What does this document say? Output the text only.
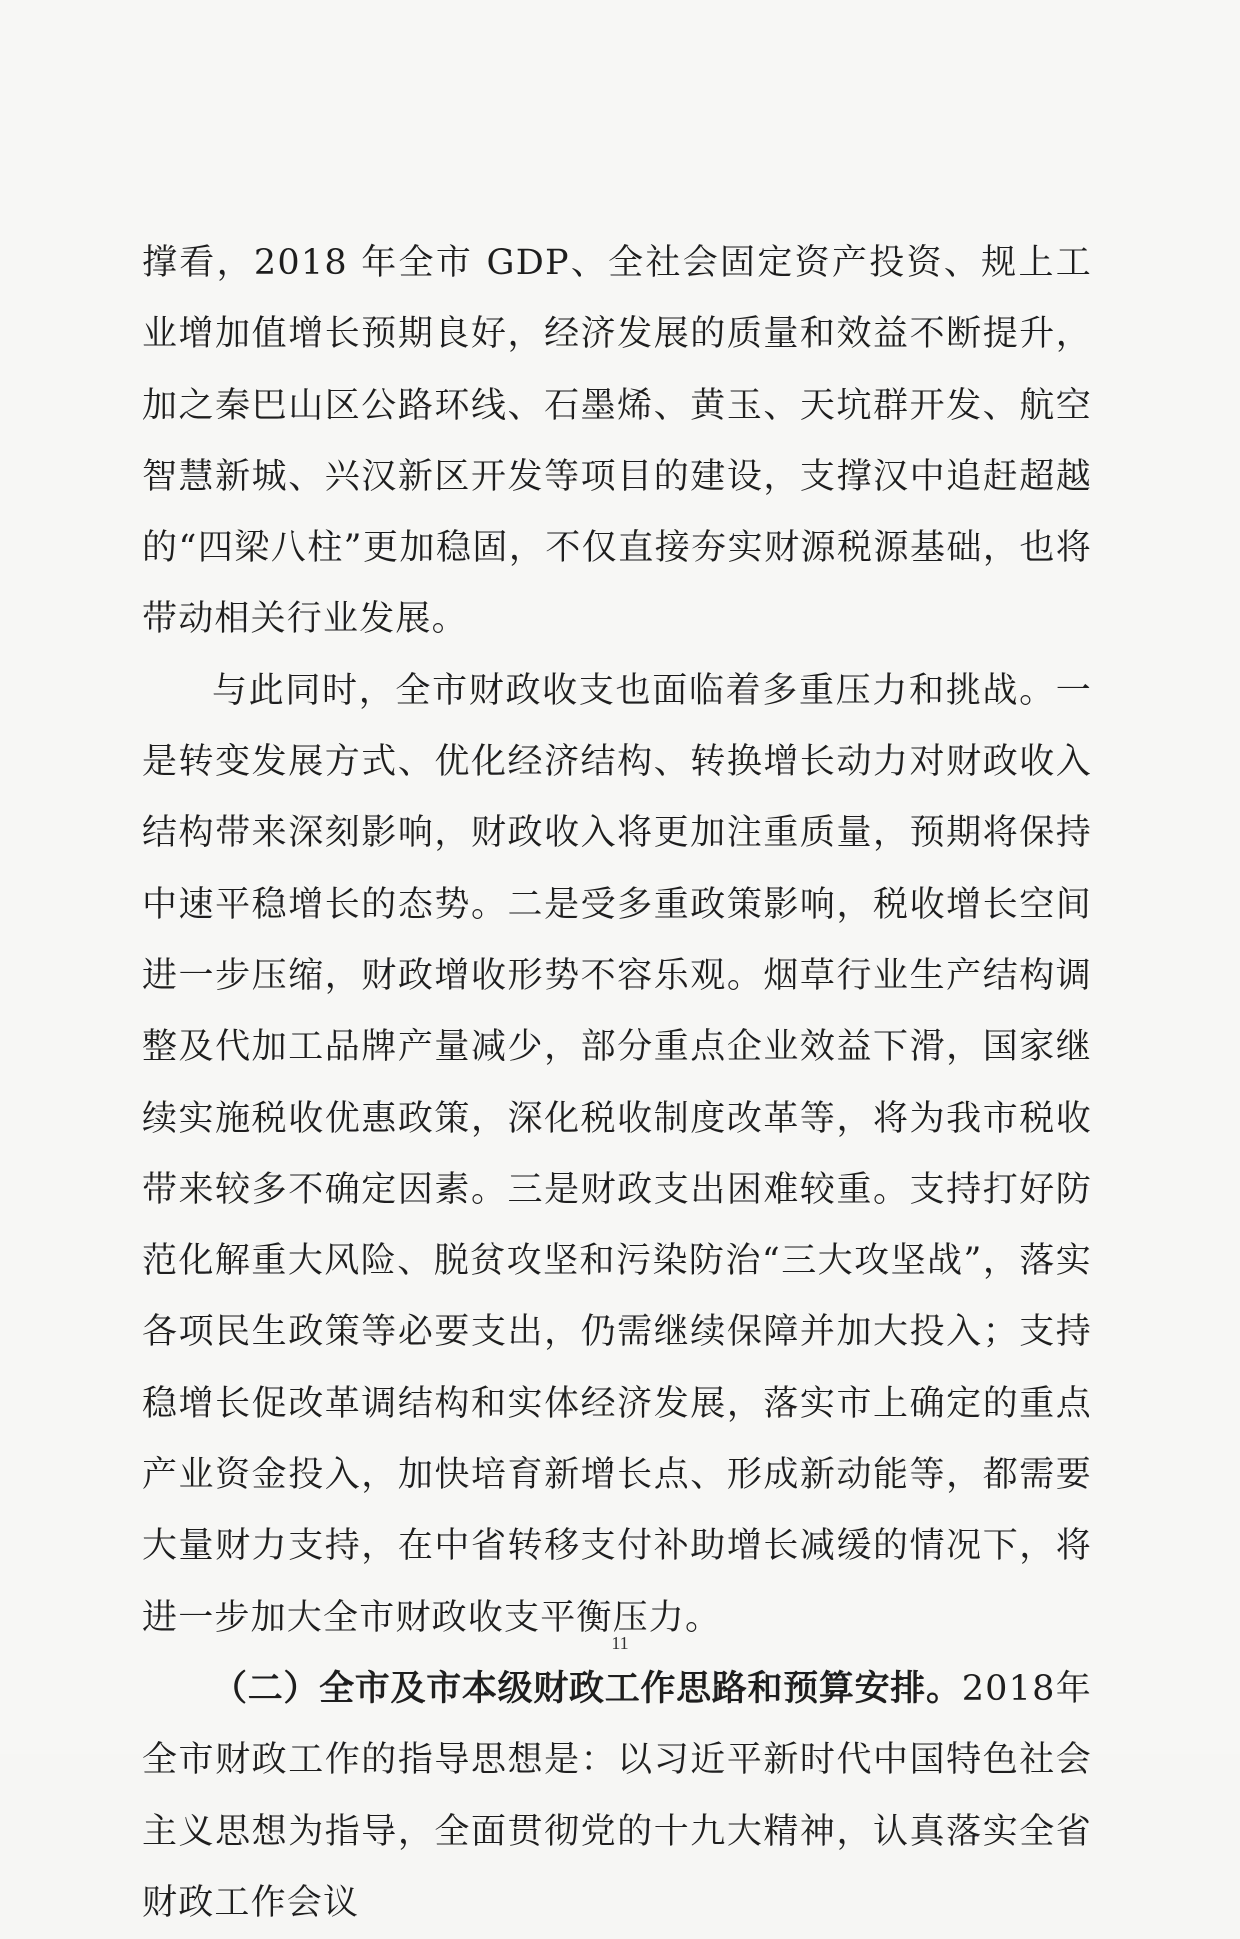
撑看，2018 年全市 GDP、全社会固定资产投资、规上工业增加值增长预期良好，经济发展的质量和效益不断提升，加之秦巴山区公路环线、石墨烯、黄玉、天坑群开发、航空智慧新城、兴汉新区开发等项目的建设，支撑汉中追赶超越的“四梁八柱”更加稳固，不仅直接夯实财源税源基础，也将带动相关行业发展。

与此同时，全市财政收支也面临着多重压力和挑战。一是转变发展方式、优化经济结构、转换增长动力对财政收入结构带来深刻影响，财政收入将更加注重质量，预期将保持中速平稳增长的态势。二是受多重政策影响，税收增长空间进一步压缩，财政增收形势不容乐观。烟草行业生产结构调整及代加工品牌产量减少，部分重点企业效益下滑，国家继续实施税收优惠政策，深化税收制度改革等，将为我市税收带来较多不确定因素。三是财政支出困难较重。支持打好防范化解重大风险、脱贫攻坚和污染防治“三大攻坚战”，落实各项民生政策等必要支出，仍需继续保障并加大投入；支持稳增长促改革调结构和实体经济发展，落实市上确定的重点产业资金投入，加快培育新增长点、形成新动能等，都需要大量财力支持，在中省转移支付补助增长减缓的情况下，将进一步加大全市财政收支平衡压力。

（二）全市及市本级财政工作思路和预算安排。2018年全市财政工作的指导思想是：以习近平新时代中国特色社会主义思想为指导，全面贯彻党的十九大精神，认真落实全省财政工作会议

11
